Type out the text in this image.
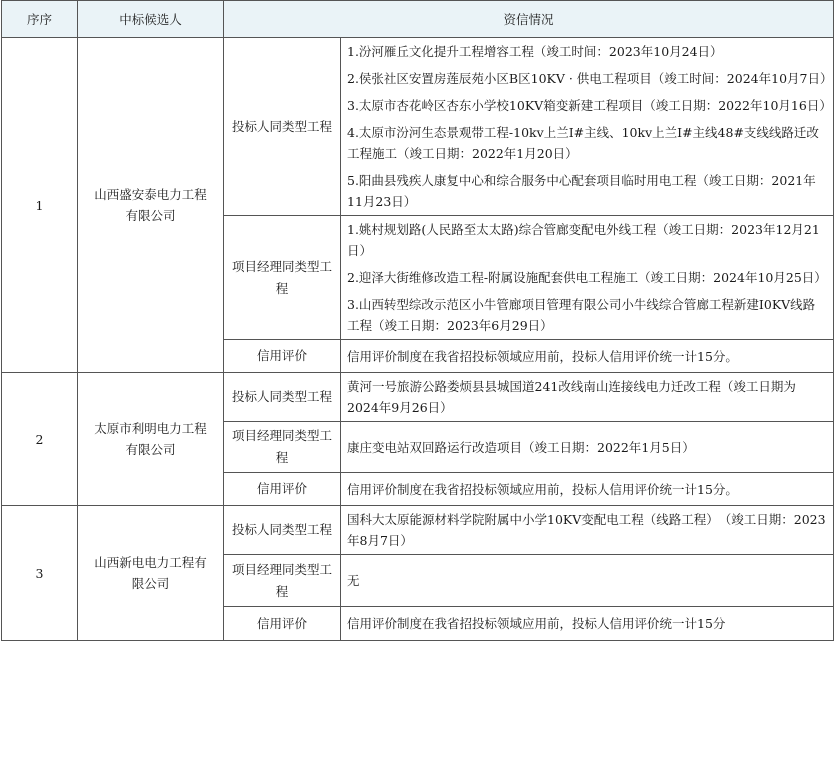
序序	中标候选人	资信情况	
1	山西盛安泰电力工程有限公司	投标人同类型工程	1.汾河雁丘文化提升工程增容工程（竣工时间：2023年10月24日）
2.侯张社区安置房莲辰苑小区B区10KV · 供电工程项目（竣工时间：2024年10月7日）
3.太原市杏花岭区杏东小学校10KV箱变新建工程项目（竣工日期：2022年10月16日）
4.太原市汾河生态景观带工程-10kv上兰I#主线、10kv上兰I#主线48#支线线路迁改工程施工（竣工日期：2022年1月20日）
5.阳曲县残疾人康复中心和综合服务中心配套项目临时用电工程（竣工日期：2021年11月23日）

		项目经理同类型工程	1.姚村规划路(人民路至太太路)综合管廊变配电外线工程（竣工日期：2023年12月21日）
2.迎泽大街维修改造工程-附属设施配套供电工程施工（竣工日期：2024年10月25日）
3.山西转型综改示范区小牛管廊项目管理有限公司小牛线综合管廊工程新建I0KV线路工程（竣工日期：2023年6月29日）

		信用评价	信用评价制度在我省招投标领域应用前，投标人信用评价统一计15分。
2	太原市利明电力工程有限公司	投标人同类型工程	黄河一号旅游公路娄烦县县城国道241改线南山连接线电力迁改工程（竣工日期为2024年9月26日）
		项目经理同类型工程	康庄变电站双回路运行改造项目（竣工日期：2022年1月5日）
		信用评价	信用评价制度在我省招投标领域应用前，投标人信用评价统一计15分。
3	山西新电电力工程有限公司	投标人同类型工程	国科大太原能源材料学院附属中小学10KV变配电工程（线路工程）　（竣工日期：2023年8月7日）
		项目经理同类型工程	无
		信用评价	信用评价制度在我省招投标领域应用前，投标人信用评价统一计15分
